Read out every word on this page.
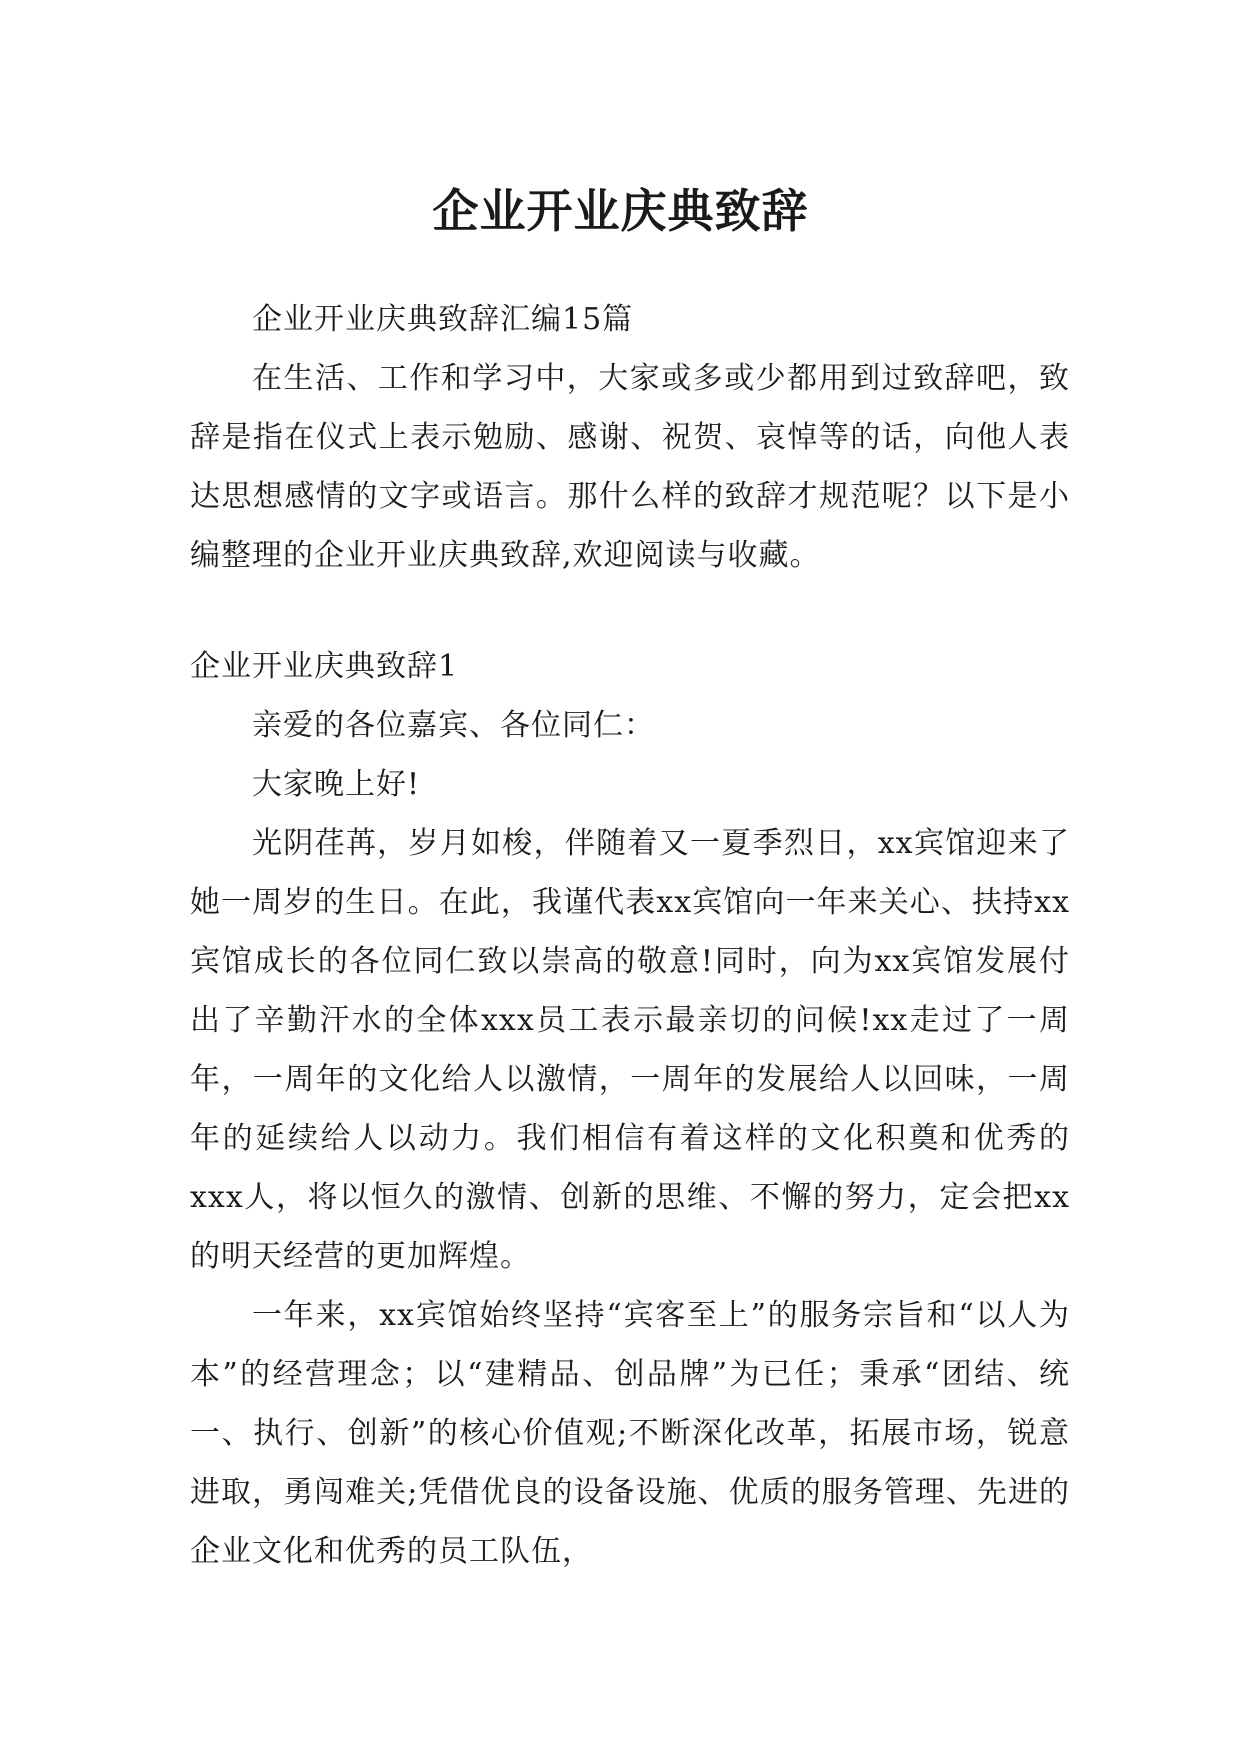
企业开业庆典致辞

企业开业庆典致辞汇编15篇

在生活、工作和学习中，大家或多或少都用到过致辞吧，致辞是指在仪式上表示勉励、感谢、祝贺、哀悼等的话，向他人表达思想感情的文字或语言。那什么样的致辞才规范呢？以下是小编整理的企业开业庆典致辞,欢迎阅读与收藏。

企业开业庆典致辞1

亲爱的各位嘉宾、各位同仁：

大家晚上好!

光阴荏苒，岁月如梭，伴随着又一夏季烈日，xx宾馆迎来了她一周岁的生日。在此，我谨代表xx宾馆向一年来关心、扶持xx宾馆成长的各位同仁致以崇高的敬意!同时，向为xx宾馆发展付出了辛勤汗水的全体xxx员工表示最亲切的问候!xx走过了一周年，一周年的文化给人以激情，一周年的发展给人以回味，一周年的延续给人以动力。我们相信有着这样的文化积奠和优秀的xxx人，将以恒久的激情、创新的思维、不懈的努力，定会把xx的明天经营的更加辉煌。

一年来，xx宾馆始终坚持“宾客至上”的服务宗旨和“以人为本”的经营理念；以“建精品、创品牌”为已任；秉承“团结、统一、执行、创新”的核心价值观;不断深化改革，拓展市场，锐意进取，勇闯难关;凭借优良的设备设施、优质的服务管理、先进的企业文化和优秀的员工队伍，
